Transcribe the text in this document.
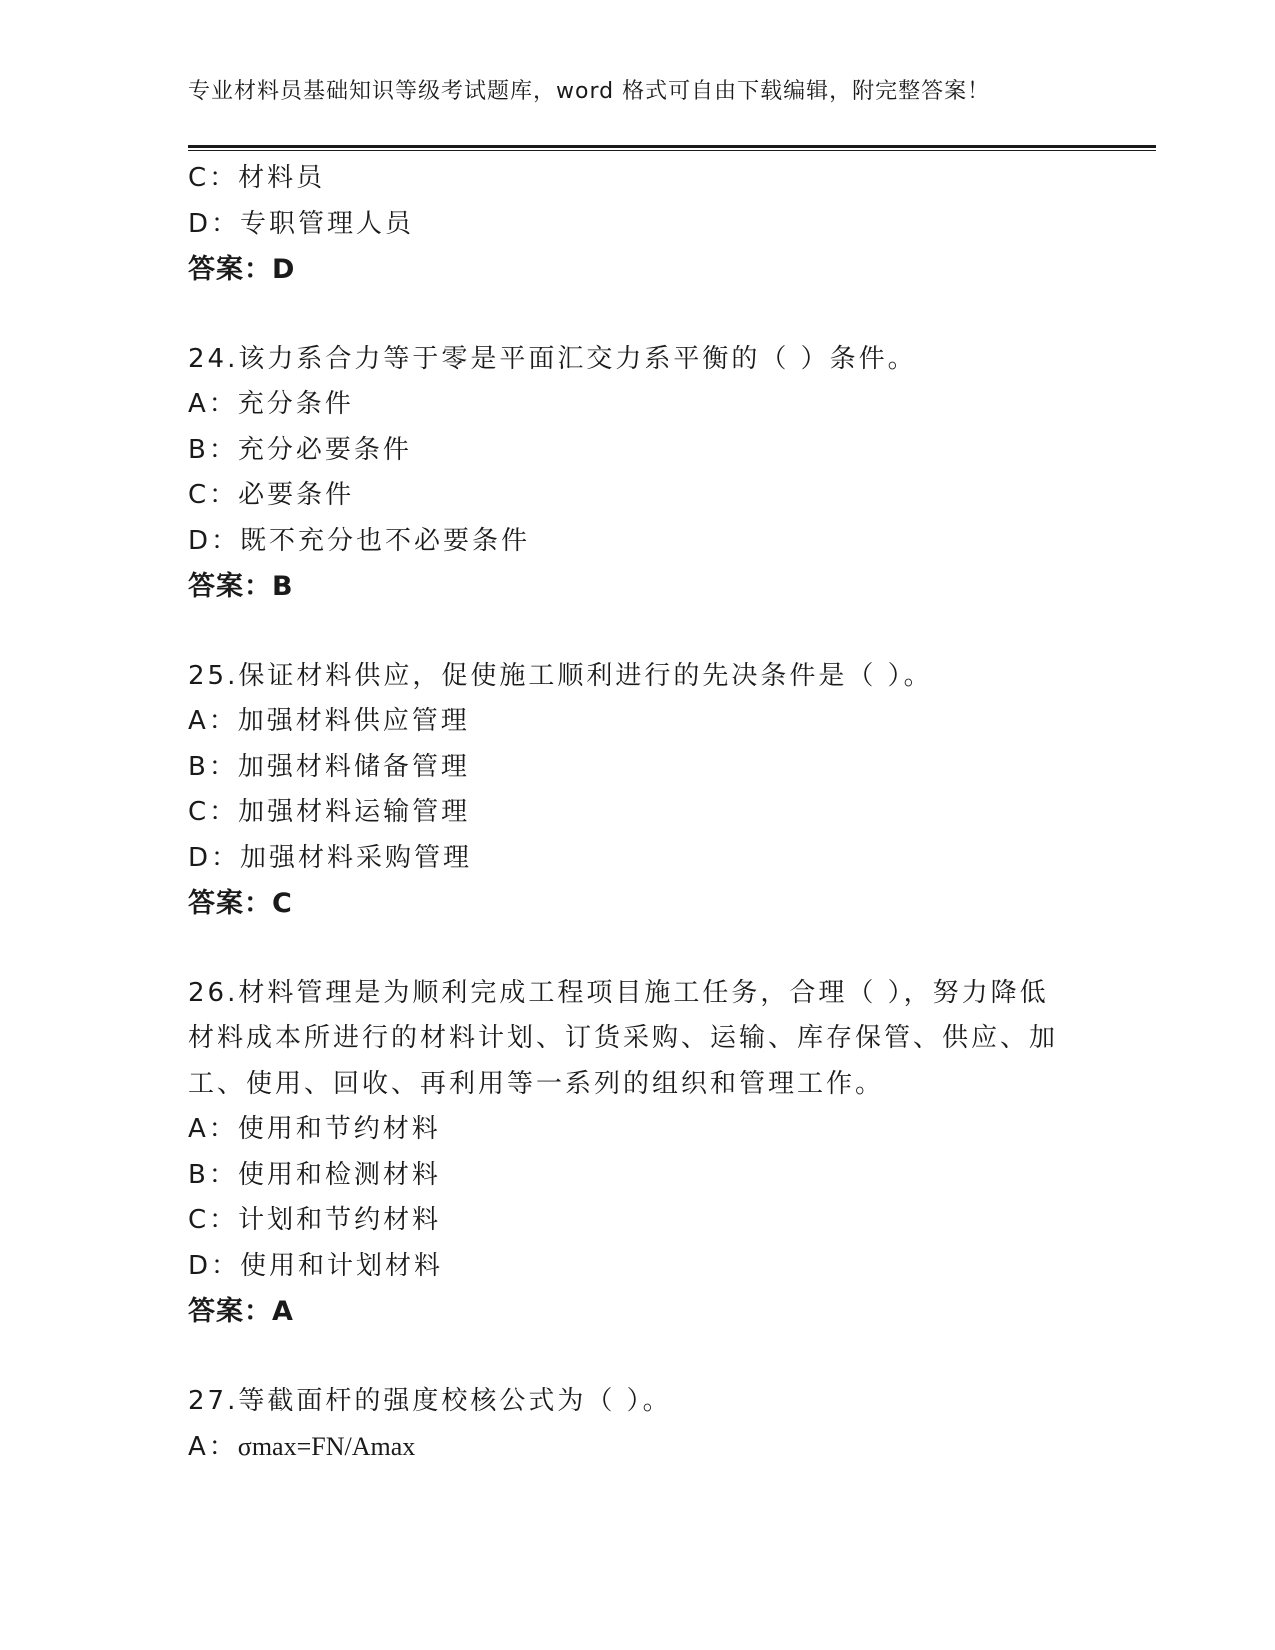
专业材料员基础知识等级考试题库，word 格式可自由下载编辑，附完整答案！
C：材料员
D：专职管理人员
答案：D
24.该力系合力等于零是平面汇交力系平衡的（ ）条件。
A：充分条件
B：充分必要条件
C：必要条件
D：既不充分也不必要条件
答案：B
25.保证材料供应，促使施工顺利进行的先决条件是（ ）。
A：加强材料供应管理
B：加强材料储备管理
C：加强材料运输管理
D：加强材料采购管理
答案：C
26.材料管理是为顺利完成工程项目施工任务，合理（ ），努力降低材料成本所进行的材料计划、订货采购、运输、库存保管、供应、加工、使用、回收、再利用等一系列的组织和管理工作。
A：使用和节约材料
B：使用和检测材料
C：计划和节约材料
D：使用和计划材料
答案：A
27.等截面杆的强度校核公式为（ ）。
A：σmax=FN/Amax
